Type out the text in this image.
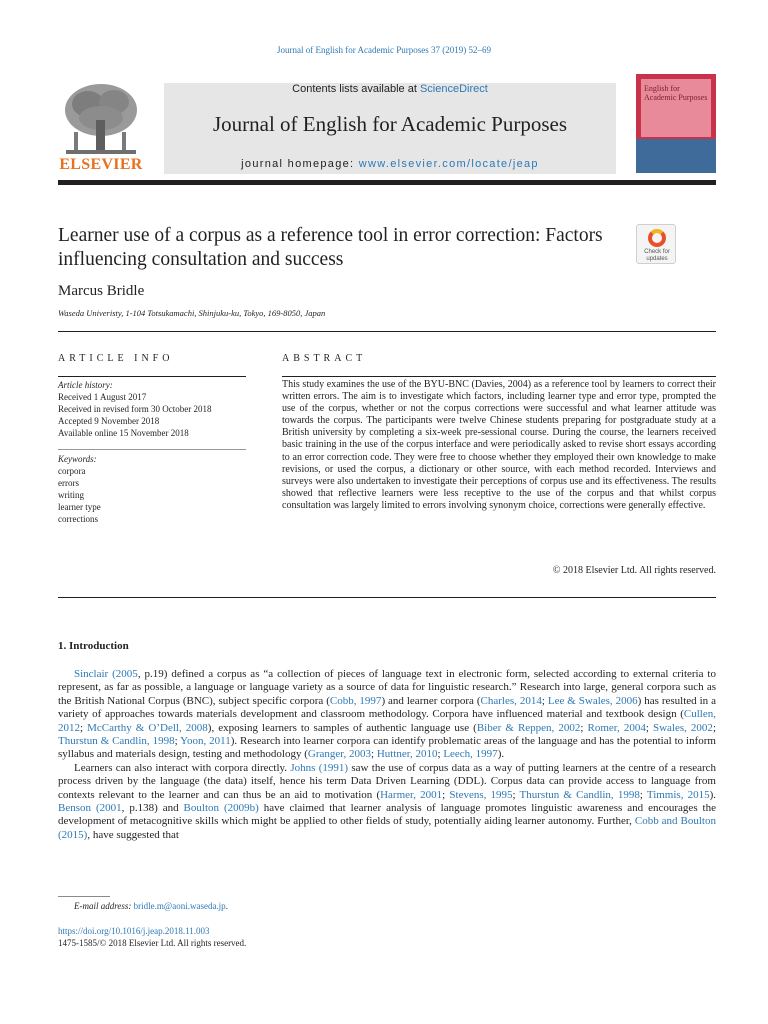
Journal of English for Academic Purposes 37 (2019) 52–69
ELSEVIER
Contents lists available at ScienceDirect
Journal of English for Academic Purposes
journal homepage: www.elsevier.com/locate/jeap
English for Academic Purposes
Learner use of a corpus as a reference tool in error correction: Factors influencing consultation and success	Check for updates
Marcus Bridle
Waseda Univeristy, 1-104 Totsukamachi, Shinjuku-ku, Tokyo, 169-8050, Japan
ARTICLE INFO	ABSTRACT
Article history:
Received 1 August 2017
Received in revised form 30 October 2018
Accepted 9 November 2018
Available online 15 November 2018
Keywords:
corpora
errors
writing
learner type
corrections
This study examines the use of the BYU-BNC (Davies, 2004) as a reference tool by learners to correct their written errors. The aim is to investigate which factors, including learner type and error type, prompted the use of the corpus, whether or not the corpus corrections were successful and what learner attitude was towards the corpus. The participants were twelve Chinese students preparing for postgraduate study at a British university by completing a six-week pre-sessional course. During the course, the learners received basic training in the use of the corpus interface and were periodically asked to revise short essays according to an error correction code. They were free to choose whether they employed their own knowledge to make revisions, or used the corpus, a dictionary or other source, with each method recorded. Interviews and surveys were also undertaken to investigate their perceptions of corpus use and its effectiveness. The results showed that reflective learners were less receptive to the use of the corpus and that whilst corpus consultation was largely limited to errors involving synonym choice, corrections were generally effective.
© 2018 Elsevier Ltd. All rights reserved.
1. Introduction

Sinclair (2005, p.19) defined a corpus as “a collection of pieces of language text in electronic form, selected according to external criteria to represent, as far as possible, a language or language variety as a source of data for linguistic research.” Research into large, general corpora such as the British National Corpus (BNC), subject specific corpora (Cobb, 1997) and learner corpora (Charles, 2014; Lee & Swales, 2006) has resulted in a variety of approaches towards materials development and classroom methodology. Corpora have influenced material and textbook design (Cullen, 2012; McCarthy & O’Dell, 2008), exposing learners to samples of authentic language use (Biber & Reppen, 2002; Romer, 2004; Swales, 2002; Thurstun & Candlin, 1998; Yoon, 2011). Research into learner corpora can identify problematic areas of the language and has the potential to inform syllabus and materials design, testing and methodology (Granger, 2003; Huttner, 2010; Leech, 1997).

Learners can also interact with corpora directly. Johns (1991) saw the use of corpus data as a way of putting learners at the centre of a research process driven by the language (the data) itself, hence his term Data Driven Learning (DDL). Corpus data can provide access to language from contexts relevant to the learner and can thus be an aid to motivation (Harmer, 2001; Stevens, 1995; Thurstun & Candlin, 1998; Timmis, 2015). Benson (2001, p.138) and Boulton (2009b) have claimed that learner analysis of language promotes linguistic awareness and encourages the development of metacognitive skills which might be applied to other fields of study, potentially aiding learner autonomy. Further, Cobb and Boulton (2015), have suggested that

E-mail address: bridle.m@aoni.waseda.jp.
https://doi.org/10.1016/j.jeap.2018.11.003
1475-1585/© 2018 Elsevier Ltd. All rights reserved.
